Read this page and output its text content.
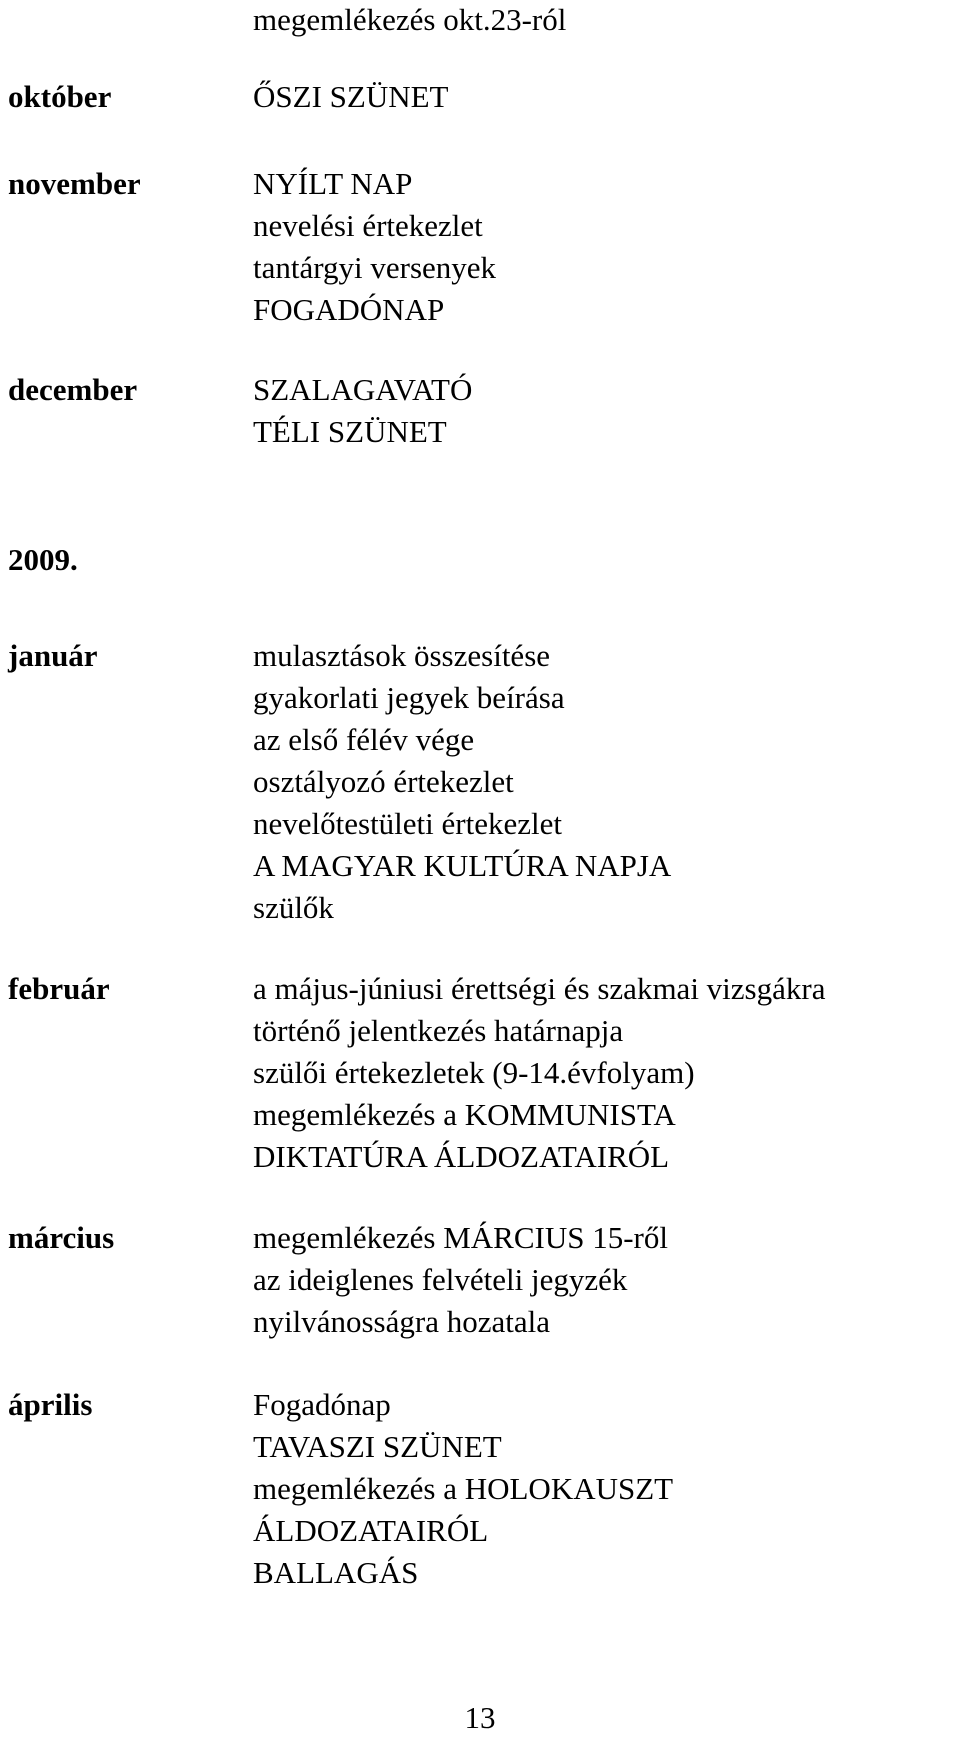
megemlékezés okt.23-ról
október	ŐSZI SZÜNET
november	NYÍLT NAP
nevelési értekezlet
tantárgyi versenyek
FOGADÓNAP
december	SZALAGAVATÓ
TÉLI SZÜNET
2009.
január	mulasztások összesítése
gyakorlati jegyek beírása
az első félév vége
osztályozó értekezlet
nevelőtestületi értekezlet
A MAGYAR KULTÚRA NAPJA
szülők
február	a május-júniusi érettségi és szakmai vizsgákra
történő jelentkezés határnapja
szülői értekezletek (9-14.évfolyam)
megemlékezés a KOMMUNISTA
DIKTATÚRA ÁLDOZATAIRÓL
március	megemlékezés MÁRCIUS 15-ről
az ideiglenes felvételi jegyzék
nyilvánosságra hozatala
április	Fogadónap
TAVASZI SZÜNET
megemlékezés a HOLOKAUSZT
ÁLDOZATAIRÓL
BALLAGÁS
13
